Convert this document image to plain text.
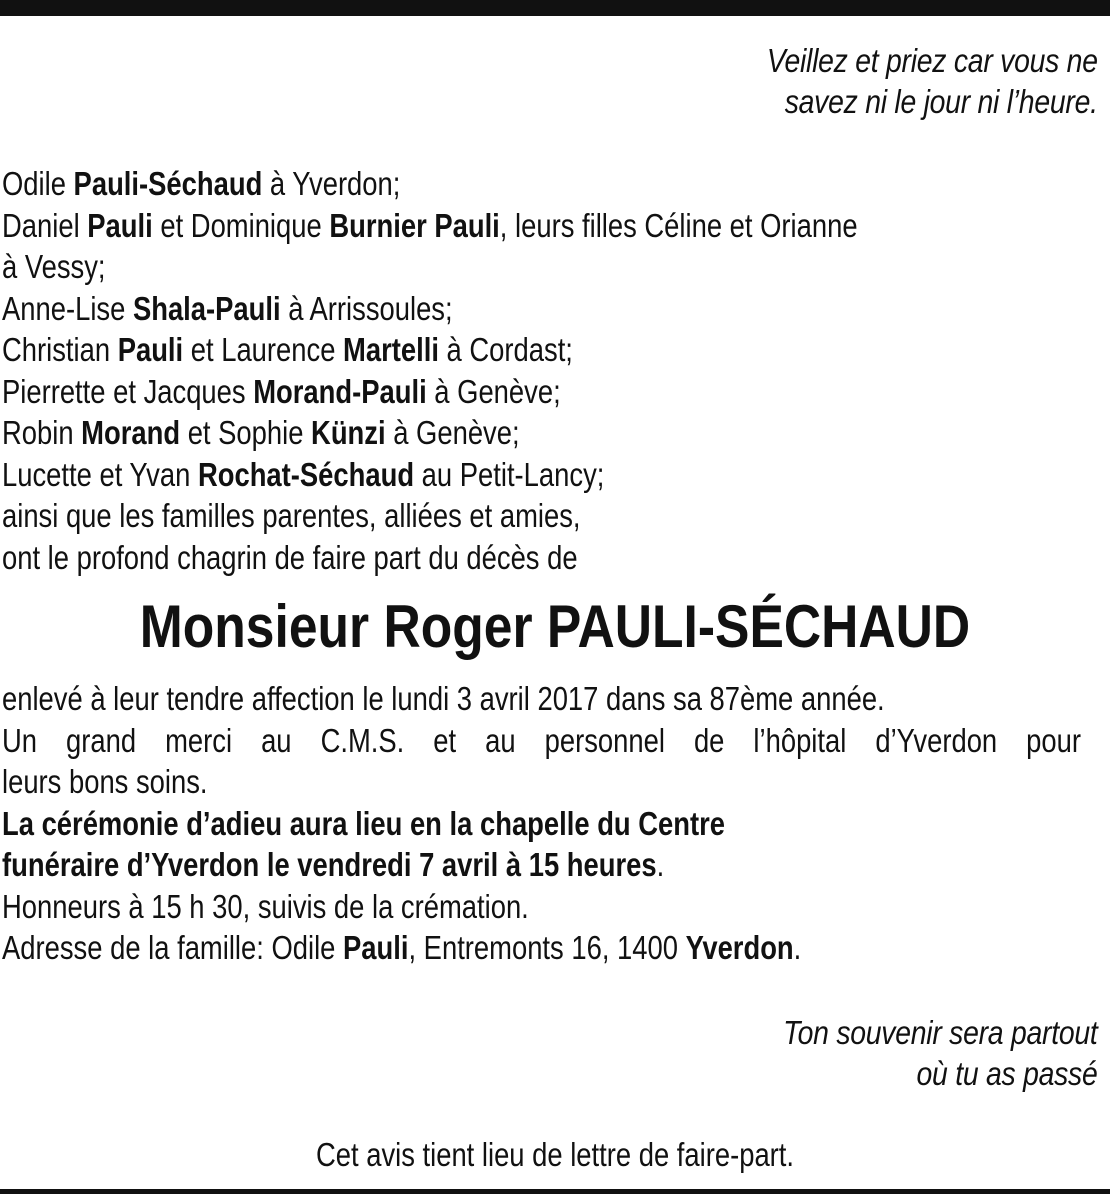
Veillez et priez car vous ne
savez ni le jour ni l’heure.
Odile Pauli-Séchaud à Yverdon;
Daniel Pauli et Dominique Burnier Pauli, leurs filles Céline et Orianne
à Vessy;
Anne-Lise Shala-Pauli à Arrissoules;
Christian Pauli et Laurence Martelli à Cordast;
Pierrette et Jacques Morand-Pauli à Genève;
Robin Morand et Sophie Künzi à Genève;
Lucette et Yvan Rochat-Séchaud au Petit-Lancy;
ainsi que les familles parentes, alliées et amies,
ont le profond chagrin de faire part du décès de
Monsieur Roger PAULI-SÉCHAUD
enlevé à leur tendre affection le lundi 3 avril 2017 dans sa 87ème année.
Un grand merci au C.M.S. et au personnel de l’hôpital d’Yverdon pour
leurs bons soins.
La cérémonie d’adieu aura lieu en la chapelle du Centre
funéraire d’Yverdon le vendredi 7 avril à 15 heures.
Honneurs à 15 h 30, suivis de la crémation.
Adresse de la famille: Odile Pauli, Entremonts 16, 1400 Yverdon.
Ton souvenir sera partout
où tu as passé
Cet avis tient lieu de lettre de faire-part.
